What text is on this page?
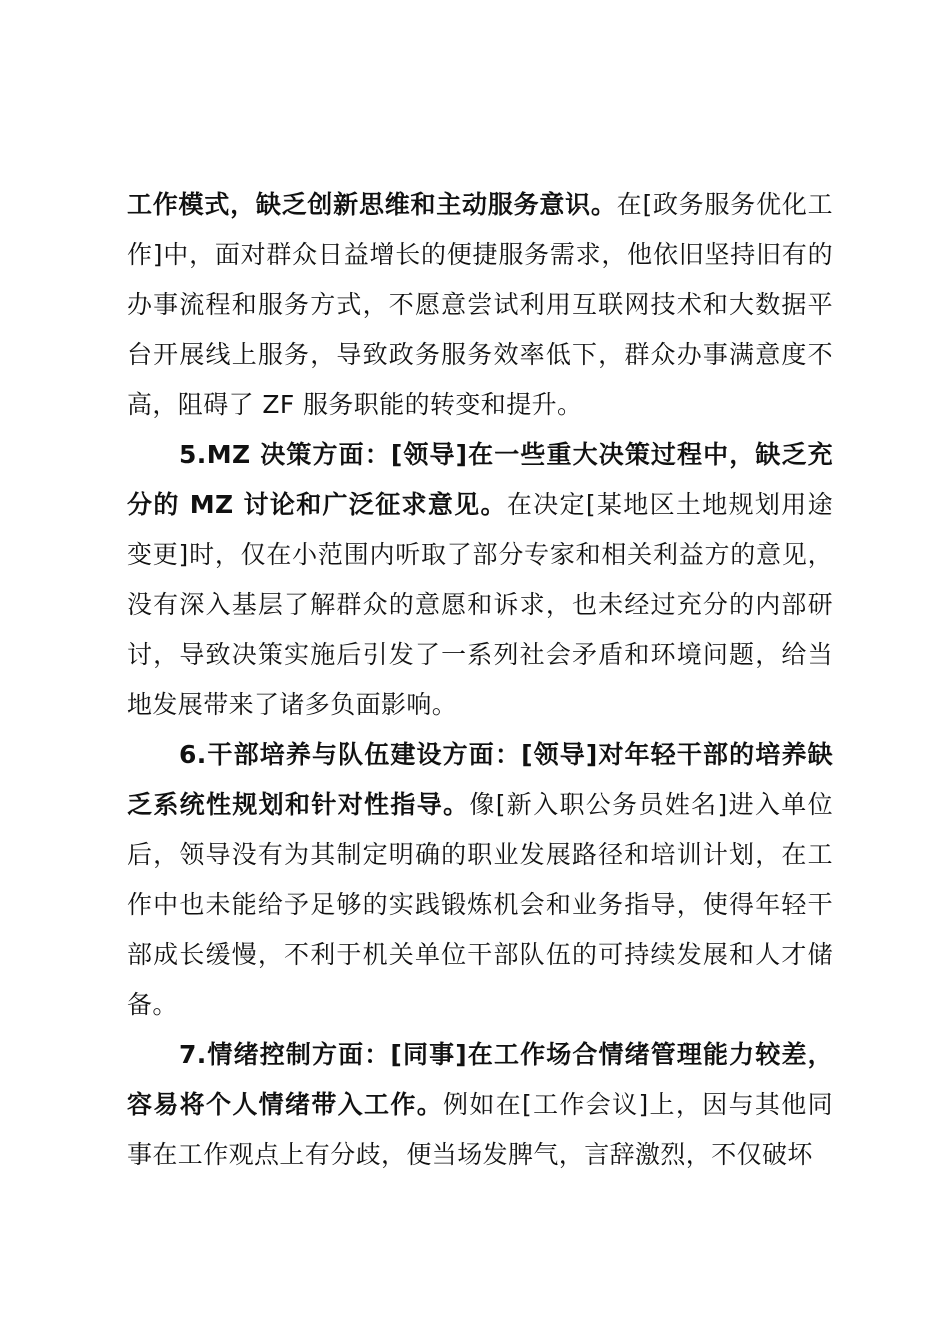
工作模式，缺乏创新思维和主动服务意识。在[政务服务优化工作]中，面对群众日益增长的便捷服务需求，他依旧坚持旧有的办事流程和服务方式，不愿意尝试利用互联网技术和大数据平台开展线上服务，导致政务服务效率低下，群众办事满意度不高，阻碍了 ZF 服务职能的转变和提升。

5.MZ 决策方面：[领导]在一些重大决策过程中，缺乏充分的 MZ 讨论和广泛征求意见。在决定[某地区土地规划用途变更]时，仅在小范围内听取了部分专家和相关利益方的意见，没有深入基层了解群众的意愿和诉求，也未经过充分的内部研讨，导致决策实施后引发了一系列社会矛盾和环境问题，给当地发展带来了诸多负面影响。

6.干部培养与队伍建设方面：[领导]对年轻干部的培养缺乏系统性规划和针对性指导。像[新入职公务员姓名]进入单位后，领导没有为其制定明确的职业发展路径和培训计划，在工作中也未能给予足够的实践锻炼机会和业务指导，使得年轻干部成长缓慢，不利于机关单位干部队伍的可持续发展和人才储备。

7.情绪控制方面：[同事]在工作场合情绪管理能力较差，容易将个人情绪带入工作。例如在[工作会议]上，因与其他同事在工作观点上有分歧，便当场发脾气，言辞激烈，不仅破坏
